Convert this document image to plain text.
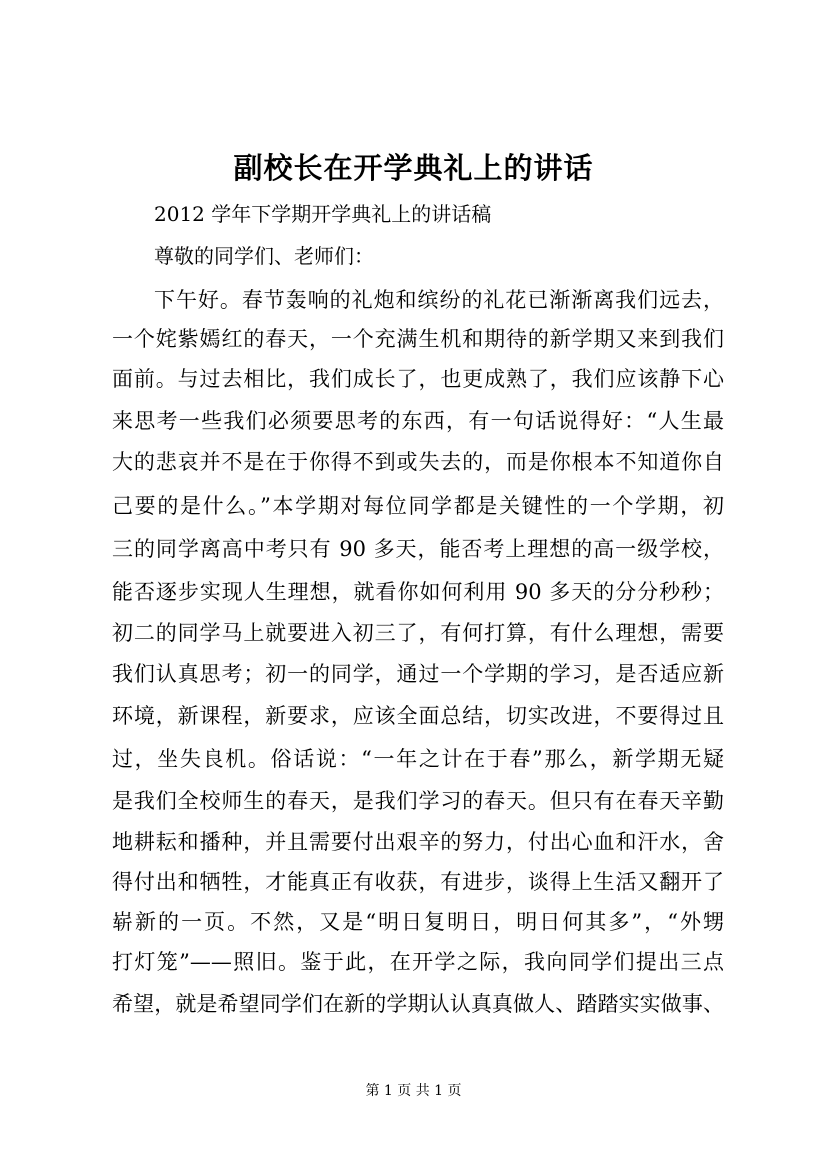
副校长在开学典礼上的讲话
2012 学年下学期开学典礼上的讲话稿
尊敬的同学们、老师们：
下午好。春节轰响的礼炮和缤纷的礼花已渐渐离我们远去，
一个姹紫嫣红的春天，一个充满生机和期待的新学期又来到我们
面前。与过去相比，我们成长了，也更成熟了，我们应该静下心
来思考一些我们必须要思考的东西，有一句话说得好：“人生最
大的悲哀并不是在于你得不到或失去的，而是你根本不知道你自
己要的是什么。”本学期对每位同学都是关键性的一个学期，初
三的同学离高中考只有 90 多天，能否考上理想的高一级学校，
能否逐步实现人生理想，就看你如何利用 90 多天的分分秒秒；
初二的同学马上就要进入初三了，有何打算，有什么理想，需要
我们认真思考；初一的同学，通过一个学期的学习，是否适应新
环境，新课程，新要求，应该全面总结，切实改进，不要得过且
过，坐失良机。俗话说：“一年之计在于春”那么，新学期无疑
是我们全校师生的春天，是我们学习的春天。但只有在春天辛勤
地耕耘和播种，并且需要付出艰辛的努力，付出心血和汗水，舍
得付出和牺牲，才能真正有收获，有进步，谈得上生活又翻开了
崭新的一页。不然，又是“明日复明日，明日何其多”，“外甥
打灯笼”——照旧。鉴于此，在开学之际，我向同学们提出三点
希望，就是希望同学们在新的学期认认真真做人、踏踏实实做事、
第 1 页 共 1 页
